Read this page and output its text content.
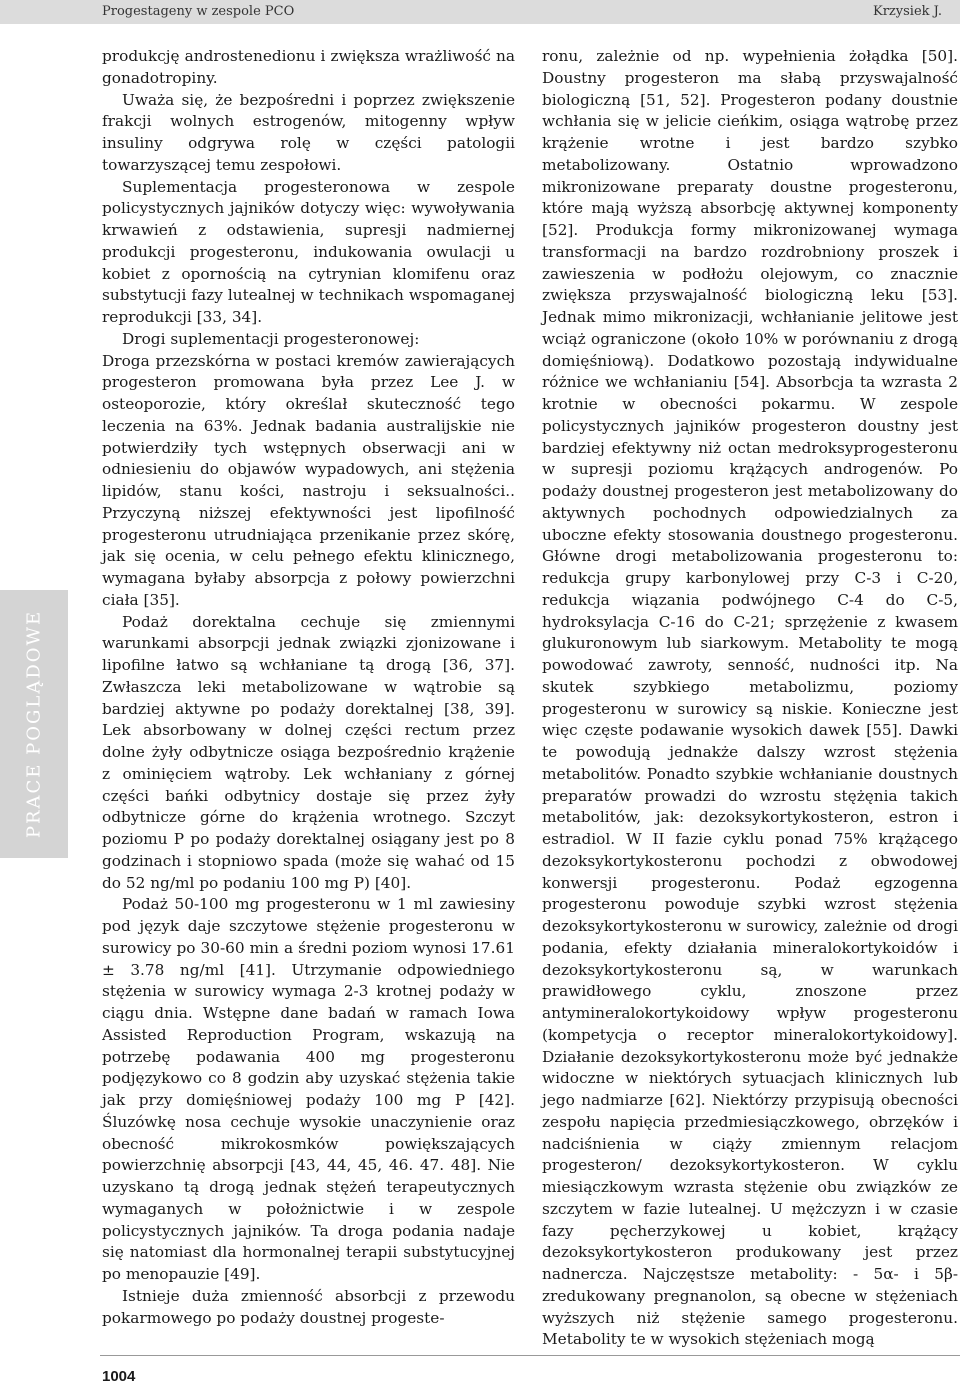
Progestageny w zespole PCO	Krzysiek J.
PRACE POGLĄDOWE

produkcję androstenedionu i zwiększa wrażliwość na gonadotropiny.

Uważa się, że bezpośredni i poprzez zwiększenie frakcji wolnych estrogenów, mitogenny wpływ insuliny odgrywa rolę w części patologii towarzyszącej temu zespołowi.

Suplementacja progesteronowa w zespole policystycznych jajników dotyczy więc: wywoływania krwawień z odstawienia, supresji nadmiernej produkcji progesteronu, indukowania owulacji u kobiet z opornością na cytrynian klomifenu oraz substytucji fazy lutealnej w technikach wspomaganej reprodukcji [33, 34].

Drogi suplementacji progesteronowej:

Droga przezskórna w postaci kremów zawierających progesteron promowana była przez Lee J. w osteoporozie, który określał skuteczność tego leczenia na 63%. Jednak badania australijskie nie potwierdziły tych wstępnych obserwacji ani w odniesieniu do objawów wypadowych, ani stężenia lipidów, stanu kości, nastroju i seksualności.. Przyczyną niższej efektywności jest lipofilność progesteronu utrudniająca przenikanie przez skórę, jak się ocenia, w celu pełnego efektu klinicznego, wymagana byłaby absorpcja z połowy powierzchni ciała [35].

Podaż dorektalna cechuje się zmiennymi warunkami absorpcji jednak związki zjonizowane i lipofilne łatwo są wchłaniane tą drogą [36, 37]. Zwłaszcza leki metabolizowane w wątrobie są bardziej aktywne po podaży dorektalnej [38, 39]. Lek absorbowany w dolnej części rectum przez dolne żyły odbytnicze osiąga bezpośrednio krążenie z ominięciem wątroby. Lek wchłaniany z górnej części bańki odbytnicy dostaje się przez żyły odbytnicze górne do krążenia wrotnego. Szczyt poziomu P po podaży dorektalnej osiągany jest po 8 godzinach i stopniowo spada (może się wahać od 15 do 52 ng/ml po podaniu 100 mg P) [40].

Podaż 50-100 mg progesteronu w 1 ml zawiesiny pod język daje szczytowe stężenie progesteronu w surowicy po 30-60 min a średni poziom wynosi 17.61 ± 3.78 ng/ml [41]. Utrzymanie odpowiedniego stężenia w surowicy wymaga 2-3 krotnej podaży w ciągu dnia. Wstępne dane badań w ramach Iowa Assisted Reproduction Program, wskazują na potrzebę podawania 400 mg progesteronu podjęzykowo co 8 godzin aby uzyskać stężenia takie jak przy domięśniowej podaży 100 mg P [42]. Śluzówkę nosa cechuje wysokie unaczynienie oraz obecność mikrokosmków powiększających powierzchnię absorpcji [43, 44, 45, 46. 47. 48]. Nie uzyskano tą drogą jednak stężeń terapeutycznych wymaganych w położnictwie i w zespole policystycznych jajników. Ta droga podania nadaje się natomiast dla hormonalnej terapii substytucyjnej po menopauzie [49].

Istnieje duża zmienność absorbcji z przewodu pokarmowego po podaży doustnej progeste-

ronu, zależnie od np. wypełnienia żołądka [50]. Doustny progesteron ma słabą przyswajalność biologiczną [51, 52]. Progesteron podany doustnie wchłania się w jelicie cieńkim, osiąga wątrobę przez krążenie wrotne i jest bardzo szybko metabolizowany. Ostatnio wprowadzono mikronizowane preparaty doustne progesteronu, które mają wyższą absorbcję aktywnej komponenty [52]. Produkcja formy mikronizowanej wymaga transformacji na bardzo rozdrobniony proszek i zawieszenia w podłożu olejowym, co znacznie zwiększa przyswajalność biologiczną leku [53]. Jednak mimo mikronizacji, wchłanianie jelitowe jest wciąż ograniczone (około 10% w porównaniu z drogą domięśniową). Dodatkowo pozostają indywidualne różnice we wchłanianiu [54]. Absorbcja ta wzrasta 2 krotnie w obecności pokarmu. W zespole policystycznych jajników progesteron doustny jest bardziej efektywny niż octan medroksyprogesteronu w supresji poziomu krążących androgenów. Po podaży doustnej progesteron jest metabolizowany do aktywnych pochodnych odpowiedzialnych za uboczne efekty stosowania doustnego progesteronu. Główne drogi metabolizowania progesteronu to: redukcja grupy karbonylowej przy C-3 i C-20, redukcja wiązania podwójnego C-4 do C-5, hydroksylacja C-16 do C-21; sprzężenie z kwasem glukuronowym lub siarkowym. Metabolity te mogą powodować zawroty, senność, nudności itp. Na skutek szybkiego metabolizmu, poziomy progesteronu w surowicy są niskie. Konieczne jest więc częste podawanie wysokich dawek [55]. Dawki te powodują jednakże dalszy wzrost stężenia metabolitów. Ponadto szybkie wchłanianie doustnych preparatów prowadzi do wzrostu stężęnia takich metabolitów, jak: dezoksykortykosteron, estron i estradiol. W II fazie cyklu ponad 75% krążącego dezoksykortykosteronu pochodzi z obwodowej konwersji progesteronu. Podaż egzogenna progesteronu powoduje szybki wzrost stężenia dezoksykortykosteronu w surowicy, zależnie od drogi podania, efekty działania mineralokortykoidów i dezoksykortykosteronu są, w warunkach prawidłowego cyklu, znoszone przez antymineralokortykoidowy wpływ progesteronu (kompetycja o receptor mineralokortykoidowy]. Działanie dezoksykortykosteronu może być jednakże widoczne w niektórych sytuacjach klinicznych lub jego nadmiarze [62]. Niektórzy przypisują obecności zespołu napięcia przedmiesiączkowego, obrzęków i nadciśnienia w ciąży zmiennym relacjom progesteron/ dezoksykortykosteron. W cyklu miesiączkowym wzrasta stężenie obu związków ze szczytem w fazie lutealnej. U mężczyzn i w czasie fazy pęcherzykowej u kobiet, krążący dezoksykortykosteron produkowany jest przez nadnercza. Najczęstsze metabolity: - 5α- i 5β-zredukowany pregnanolon, są obecne w stężeniach wyższych niż stężenie samego progesteronu. Metabolity te w wysokich stężeniach mogą

1004
